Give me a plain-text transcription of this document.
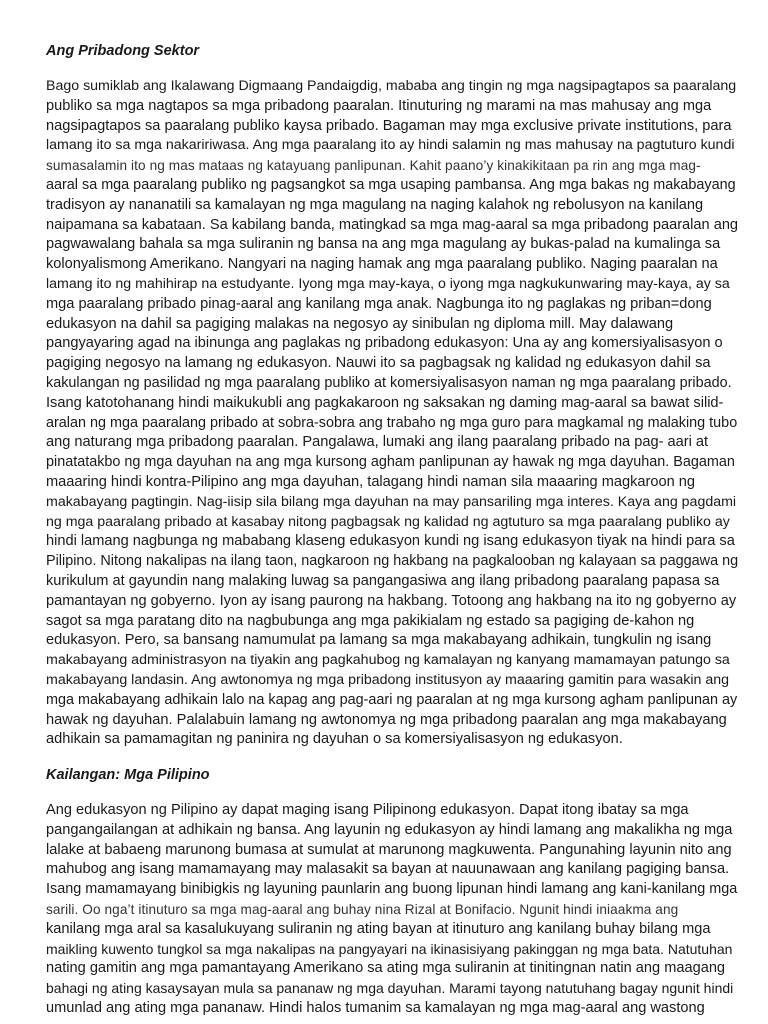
Ang Pribadong Sektor

Bago sumiklab ang Ikalawang Digmaang Pandaigdig, mababa ang tingin ng mga nagsipagtapos sa paaralang
publiko sa mga nagtapos sa mga pribadong paaralan. Itinuturing ng marami na mas mahusay ang mga
nagsipagtapos sa paaralang publiko kaysa pribado. Bagaman may mga exclusive private institutions, para
lamang ito sa mga nakaririwasa. Ang mga paaralang ito ay hindi salamin ng mas mahusay na pagtuturo kundi
sumasalamin ito ng mas mataas ng katayuang panlipunan. Kahit paano’y kinakikitaan pa rin ang mga mag-
aaral sa mga paaralang publiko ng pagsangkot sa mga usaping pambansa. Ang mga bakas ng makabayang
tradisyon ay nananatili sa kamalayan ng mga magulang na naging kalahok ng rebolusyon na kanilang
naipamana sa kabataan. Sa kabilang banda, matingkad sa mga mag-aaral sa mga pribadong paaralan ang
pagwawalang bahala sa mga suliranin ng bansa na ang mga magulang ay bukas-palad na kumalinga sa
kolonyalismong Amerikano. Nangyari na naging hamak ang mga paaralang publiko. Naging paaralan na
lamang ito ng mahihirap na estudyante. Iyong mga may-kaya, o iyong mga nagkukunwaring may-kaya, ay sa
mga paaralang pribado pinag-aaral ang kanilang mga anak. Nagbunga ito ng paglakas ng priban=dong
edukasyon na dahil sa pagiging malakas na negosyo ay sinibulan ng diploma mill. May dalawang
pangyayaring agad na ibinunga ang paglakas ng pribadong edukasyon: Una ay ang komersiyalisasyon o
pagiging negosyo na lamang ng edukasyon. Nauwi ito sa pagbagsak ng kalidad ng edukasyon dahil sa
kakulangan ng pasilidad ng mga paaralang publiko at komersiyalisasyon naman ng mga paaralang pribado.
Isang katotohanang hindi maikukubli ang pagkakaroon ng saksakan ng daming mag-aaral sa bawat silid-
aralan ng mga paaralang pribado at sobra-sobra ang trabaho ng mga guro para magkamal ng malaking tubo
ang naturang mga pribadong paaralan. Pangalawa, lumaki ang ilang paaralang pribado na pag- aari at
pinatatakbo ng mga dayuhan na ang mga kursong agham panlipunan ay hawak ng mga dayuhan. Bagaman
maaaring hindi kontra-Pilipino ang mga dayuhan, talagang hindi naman sila maaaring magkaroon ng
makabayang pagtingin. Nag-iisip sila bilang mga dayuhan na may pansariling mga interes. Kaya ang pagdami
ng mga paaralang pribado at kasabay nitong pagbagsak ng kalidad ng agtuturo sa mga paaralang publiko ay
hindi lamang nagbunga ng mababang klaseng edukasyon kundi ng isang edukasyon tiyak na hindi para sa
Pilipino. Nitong nakalipas na ilang taon, nagkaroon ng hakbang na pagkalooban ng kalayaan sa paggawa ng
kurikulum at gayundin nang malaking luwag sa pangangasiwa ang ilang pribadong paaralang papasa sa
pamantayan ng gobyerno. Iyon ay isang paurong na hakbang. Totoong ang hakbang na ito ng gobyerno ay
sagot sa mga paratang dito na nagbubunga ang mga pakikialam ng estado sa pagiging de-kahon ng
edukasyon. Pero, sa bansang namumulat pa lamang sa mga makabayang adhikain, tungkulin ng isang
makabayang administrasyon na tiyakin ang pagkahubog ng kamalayan ng kanyang mamamayan patungo sa
makabayang landasin. Ang awtonomya ng mga pribadong institusyon ay maaaring gamitin para wasakin ang
mga makabayang adhikain lalo na kapag ang pag-aari ng paaralan at ng mga kursong agham panlipunan ay
hawak ng dayuhan. Palalabuin lamang ng awtonomya ng mga pribadong paaralan ang mga makabayang
adhikain sa pamamagitan ng paninira ng dayuhan o sa komersiyalisasyon ng edukasyon.

Kailangan: Mga Pilipino

Ang edukasyon ng Pilipino ay dapat maging isang Pilipinong edukasyon. Dapat itong ibatay sa mga
pangangailangan at adhikain ng bansa. Ang layunin ng edukasyon ay hindi lamang ang makalikha ng mga
lalake at babaeng marunong bumasa at sumulat at marunong magkuwenta. Pangunahing layunin nito ang
mahubog ang isang mamamayang may malasakit sa bayan at nauunawaan ang kanilang pagiging bansa.
Isang mamamayang binibigkis ng layuning paunlarin ang buong lipunan hindi lamang ang kani-kanilang mga
sarili. Oo nga’t itinuturo sa mga mag-aaral ang buhay nina Rizal at Bonifacio. Ngunit hindi iniaakma ang
kanilang mga aral sa kasalukuyang suliranin ng ating bayan at itinuturo ang kanilang buhay bilang mga
maikling kuwento tungkol sa mga nakalipas na pangyayari na ikinasisiyang pakinggan ng mga bata. Natutuhan
nating gamitin ang mga pamantayang Amerikano sa ating mga suliranin at tinitingnan natin ang maagang
bahagi ng ating kasaysayan mula sa pananaw ng mga dayuhan. Marami tayong natutuhang bagay ngunit hindi
umunlad ang ating mga pananaw. Hindi halos tumanim sa kamalayan ng mga mag-aaral ang wastong
